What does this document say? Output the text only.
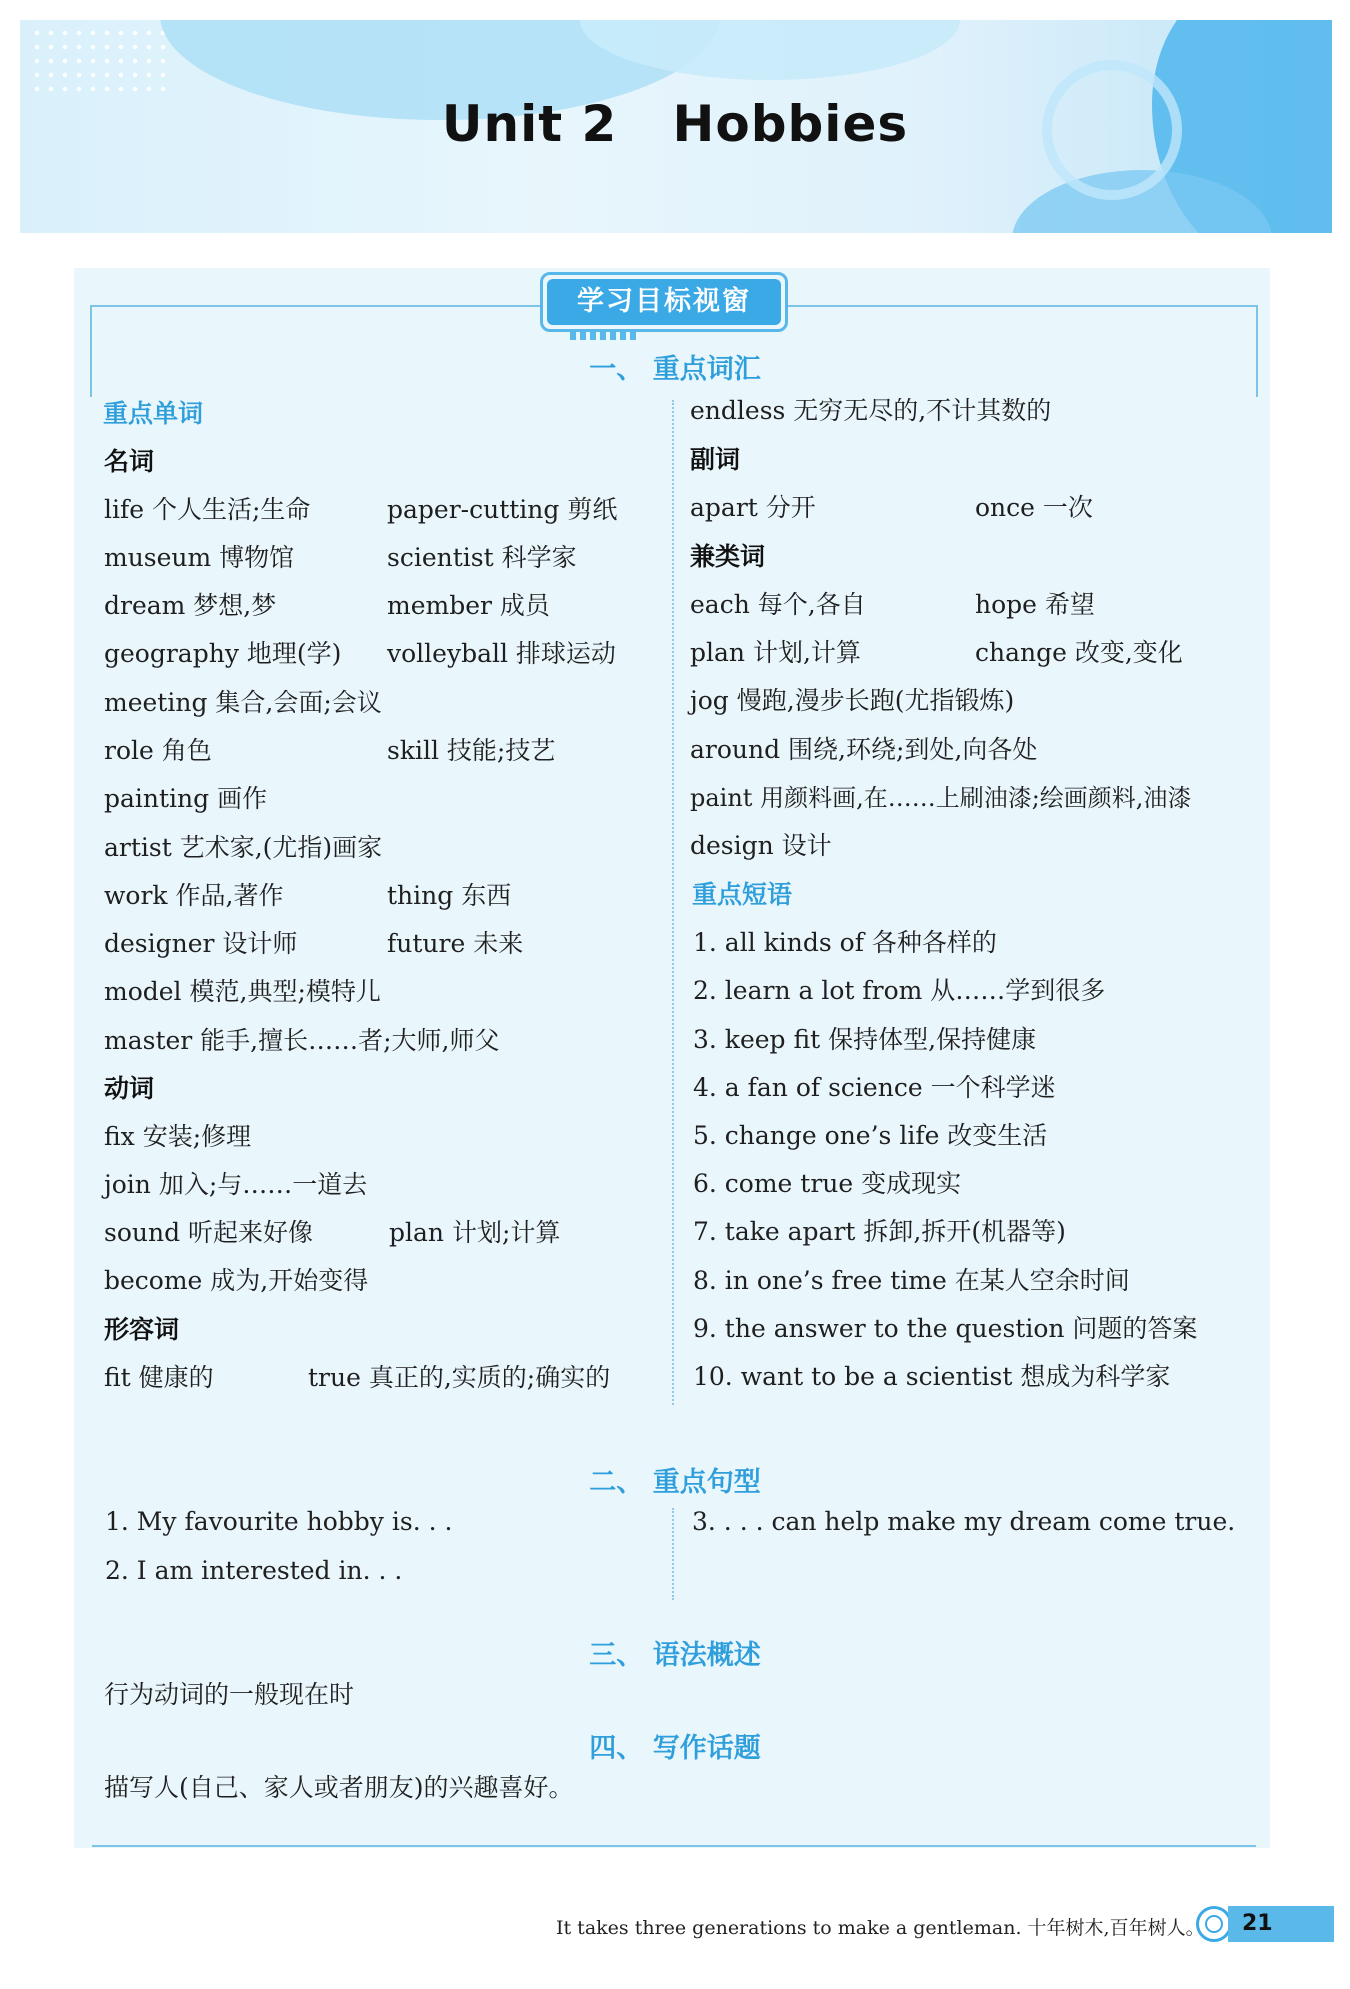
Unit 2   Hobbies
学习目标视窗
一、 重点词汇
重点单词
名词
life 个人生活;生命	paper-cutting 剪纸
museum 博物馆	scientist 科学家
dream 梦想,梦	member 成员
geography 地理(学) volleyball 排球运动
meeting 集合,会面;会议
role 角色	skill 技能;技艺
painting 画作
artist 艺术家,(尤指)画家
work 作品,著作	thing 东西
designer 设计师	future 未来
model 模范,典型;模特儿
master 能手,擅长……者;大师,师父
动词
fix 安装;修理
join 加入;与……一道去
sound 听起来好像	plan 计划;计算
become 成为,开始变得
形容词
fit 健康的	true 真正的,实质的;确实的
endless 无穷无尽的,不计其数的
副词
apart 分开	once 一次
兼类词
each 每个,各自	hope 希望
plan 计划,计算	change 改变,变化
jog 慢跑,漫步长跑(尤指锻炼)
around 围绕,环绕;到处,向各处
paint 用颜料画,在……上刷油漆;绘画颜料,油漆
design 设计
重点短语
1. all kinds of 各种各样的
2. learn a lot from 从……学到很多
3. keep fit 保持体型,保持健康
4. a fan of science 一个科学迷
5. change one’s life 改变生活
6. come true 变成现实
7. take apart 拆卸,拆开(机器等)
8. in one’s free time 在某人空余时间
9. the answer to the question 问题的答案
10. want to be a scientist 想成为科学家
二、 重点句型
1. My favourite hobby is. . .
2. I am interested in. . .
3. . . . can help make my dream come true.
三、 语法概述
行为动词的一般现在时
四、 写作话题
描写人(自己、家人或者朋友)的兴趣喜好。
It takes three generations to make a gentleman. 十年树木,百年树人。	21
